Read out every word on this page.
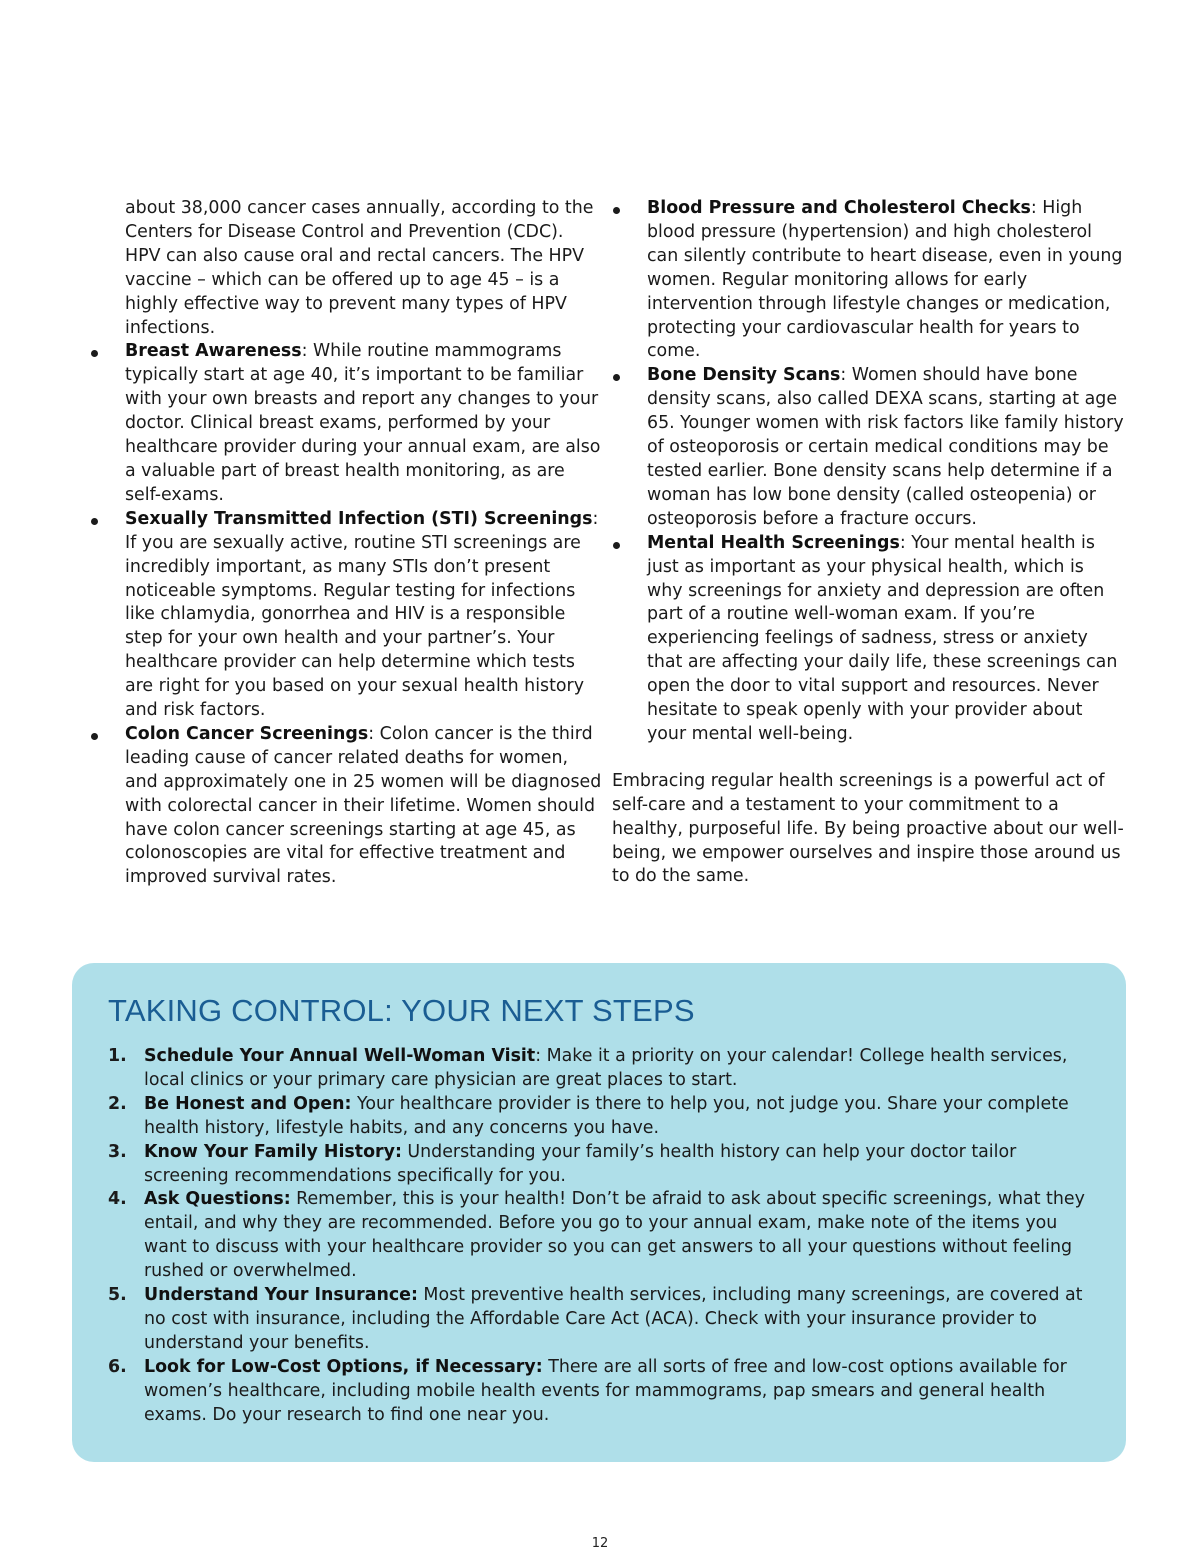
about 38,000 cancer cases annually, according to the Centers for Disease Control and Prevention (CDC). HPV can also cause oral and rectal cancers. The HPV vaccine – which can be offered up to age 45 – is a highly effective way to prevent many types of HPV infections.

Breast Awareness: While routine mammograms typically start at age 40, it’s important to be familiar with your own breasts and report any changes to your doctor. Clinical breast exams, performed by your healthcare provider during your annual exam, are also a valuable part of breast health monitoring, as are self-exams.
Sexually Transmitted Infection (STI) Screenings: If you are sexually active, routine STI screenings are incredibly important, as many STIs don’t present noticeable symptoms. Regular testing for infections like chlamydia, gonorrhea and HIV is a responsible step for your own health and your partner’s. Your healthcare provider can help determine which tests are right for you based on your sexual health history and risk factors.
Colon Cancer Screenings: Colon cancer is the third leading cause of cancer related deaths for women, and approximately one in 25 women will be diagnosed with colorectal cancer in their lifetime. Women should have colon cancer screenings starting at age 45, as colonoscopies are vital for effective treatment and improved survival rates.
Blood Pressure and Cholesterol Checks: High blood pressure (hypertension) and high cholesterol can silently contribute to heart disease, even in young women. Regular monitoring allows for early intervention through lifestyle changes or medication, protecting your cardiovascular health for years to come.
Bone Density Scans: Women should have bone density scans, also called DEXA scans, starting at age 65. Younger women with risk factors like family history of osteoporosis or certain medical conditions may be tested earlier. Bone density scans help determine if a woman has low bone density (called osteopenia) or osteoporosis before a fracture occurs.
Mental Health Screenings: Your mental health is just as important as your physical health, which is why screenings for anxiety and depression are often part of a routine well-woman exam. If you’re experiencing feelings of sadness, stress or anxiety that are affecting your daily life, these screenings can open the door to vital support and resources. Never hesitate to speak openly with your provider about your mental well-being.

Embracing regular health screenings is a powerful act of self-care and a testament to your commitment to a healthy, purposeful life. By being proactive about our well-being, we empower ourselves and inspire those around us to do the same.

TAKING CONTROL: YOUR NEXT STEPS
1. Schedule Your Annual Well-Woman Visit: Make it a priority on your calendar! College health services, local clinics or your primary care physician are great places to start.
2. Be Honest and Open: Your healthcare provider is there to help you, not judge you. Share your complete health history, lifestyle habits, and any concerns you have.
3. Know Your Family History: Understanding your family’s health history can help your doctor tailor screening recommendations specifically for you.
4. Ask Questions: Remember, this is your health! Don’t be afraid to ask about specific screenings, what they entail, and why they are recommended. Before you go to your annual exam, make note of the items you want to discuss with your healthcare provider so you can get answers to all your questions without feeling rushed or overwhelmed.
5. Understand Your Insurance: Most preventive health services, including many screenings, are covered at no cost with insurance, including the Affordable Care Act (ACA). Check with your insurance provider to understand your benefits.
6. Look for Low-Cost Options, if Necessary: There are all sorts of free and low-cost options available for women’s healthcare, including mobile health events for mammograms, pap smears and general health exams. Do your research to find one near you.
12
